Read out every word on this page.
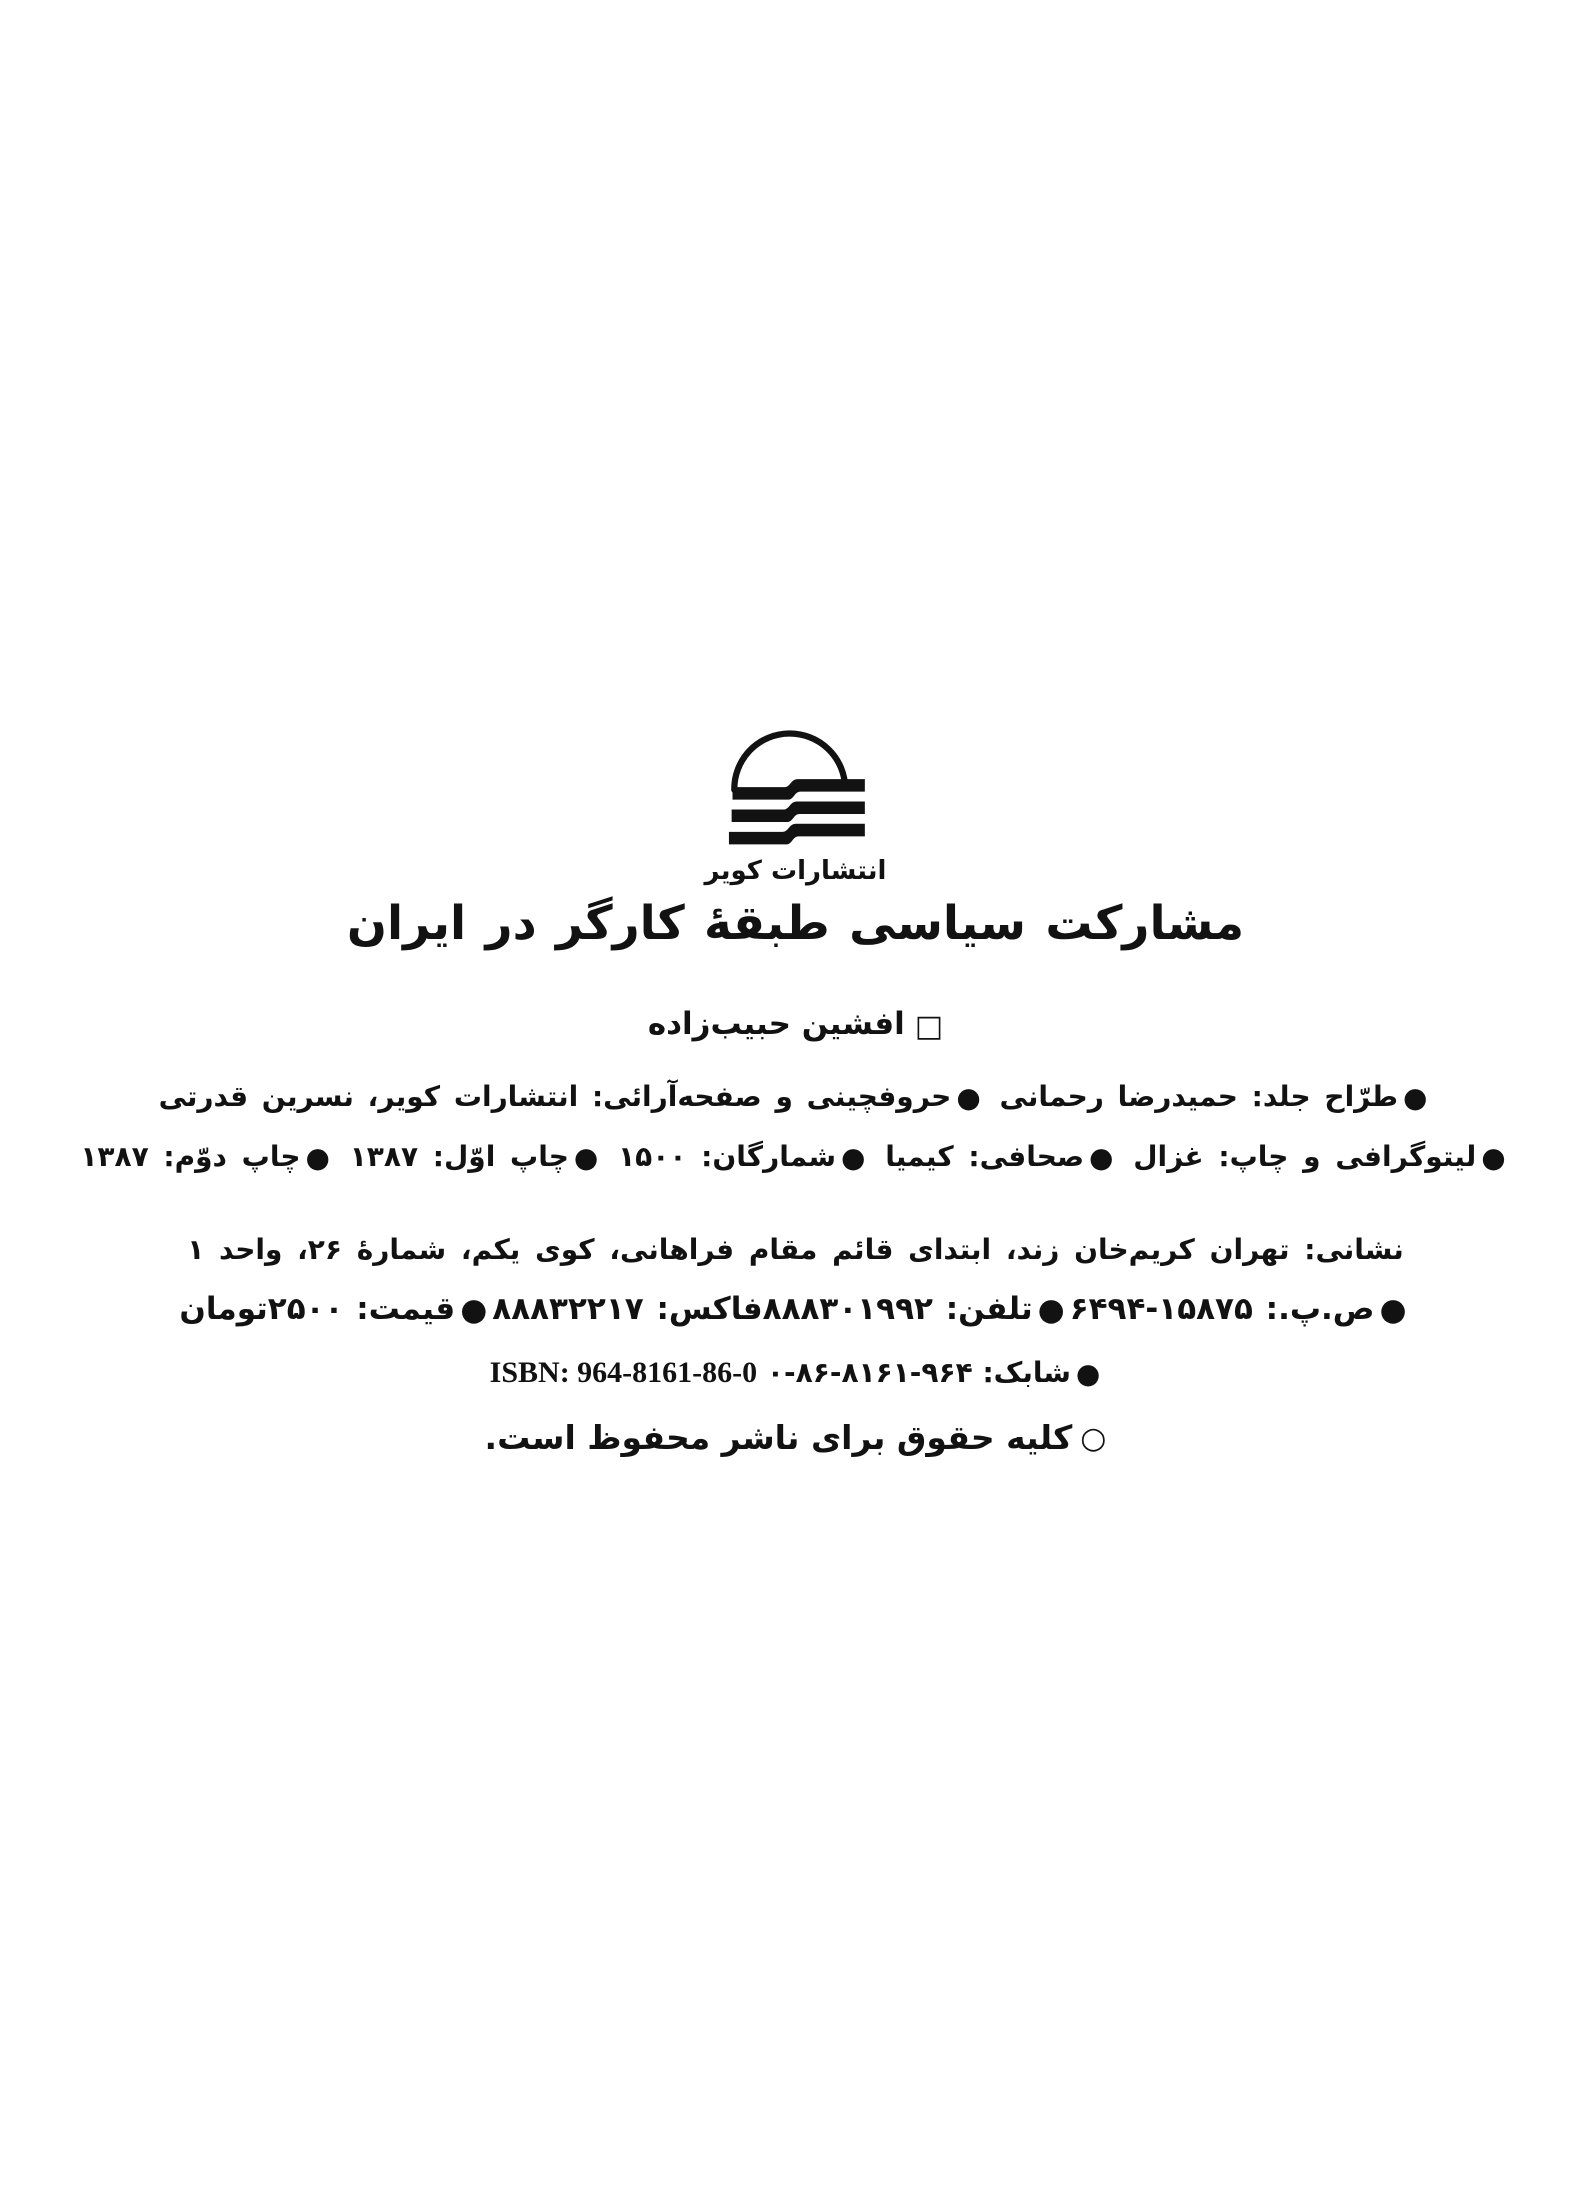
انتشارات کویر
مشارکت سیاسی طبقهٔ کارگر در ایران
□افشین حبیب‌زاده
●طرّاح جلد: حمیدرضا رحمانی ●حروفچینی و صفحه‌آرائی: انتشارات کویر، نسرین قدرتی
●لیتوگرافی و چاپ: غزال ●صحافی: کیمیا ●شمارگان: ۱۵۰۰ ●چاپ اوّل: ۱۳۸۷ ●چاپ دوّم: ۱۳۸۷
نشانی: تهران کریم‌خان زند، ابتدای قائم مقام فراهانی، کوی یکم، شمارهٔ ۲۶، واحد ۱
●ص.پ.: ۱۵۸۷۵-۶۴۹۴●تلفن: ۸۸۸۳۰۱۹۹۲فاکس: ۸۸۸۳۲۲۱۷●قیمت: ۲۵۰۰تومان
●شابک: ۹۶۴-۸۱۶۱-۸۶-۰ ISBN: 964-8161-86-0
○کلیه حقوق برای ناشر محفوظ است.
